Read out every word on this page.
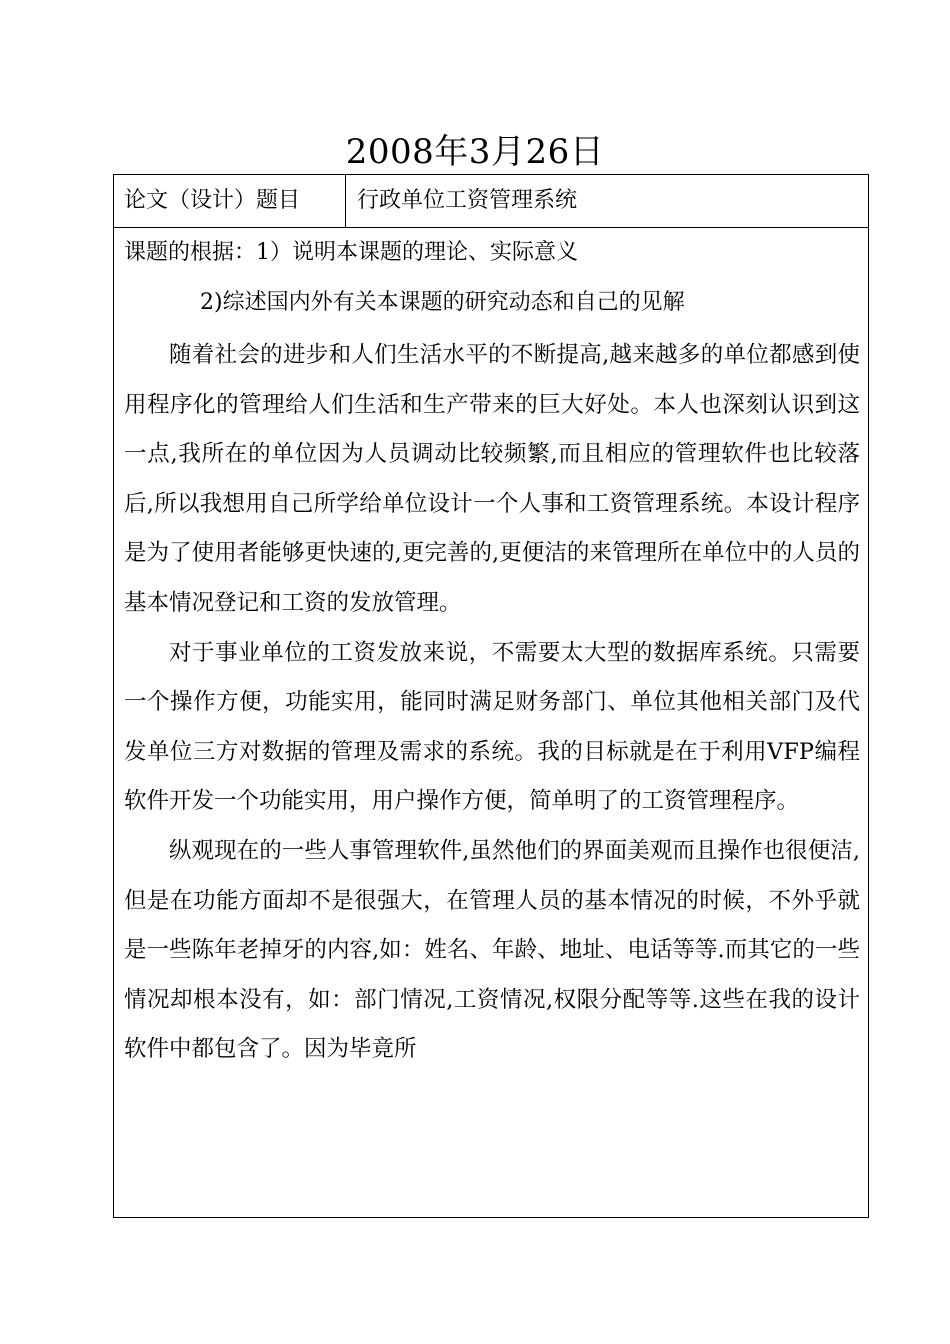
2008年3月26日
论文（设计）题目	行政单位工资管理系统
课题的根据：1）说明本课题的理论、实际意义
2)综述国内外有关本课题的研究动态和自己的见解

随着社会的进步和人们生活水平的不断提高,越来越多的单位都感到使用程序化的管理给人们生活和生产带来的巨大好处。本人也深刻认识到这一点,我所在的单位因为人员调动比较频繁,而且相应的管理软件也比较落后,所以我想用自己所学给单位设计一个人事和工资管理系统。本设计程序是为了使用者能够更快速的,更完善的,更便洁的来管理所在单位中的人员的基本情况登记和工资的发放管理。

对于事业单位的工资发放来说，不需要太大型的数据库系统。只需要一个操作方便，功能实用，能同时满足财务部门、单位其他相关部门及代发单位三方对数据的管理及需求的系统。我的目标就是在于利用VFP编程软件开发一个功能实用，用户操作方便，简单明了的工资管理程序。

纵观现在的一些人事管理软件,虽然他们的界面美观而且操作也很便洁,但是在功能方面却不是很强大，在管理人员的基本情况的时候，不外乎就是一些陈年老掉牙的内容,如：姓名、年龄、地址、电话等等.而其它的一些情况却根本没有，如：部门情况,工资情况,权限分配等等.这些在我的设计软件中都包含了。因为毕竟所
